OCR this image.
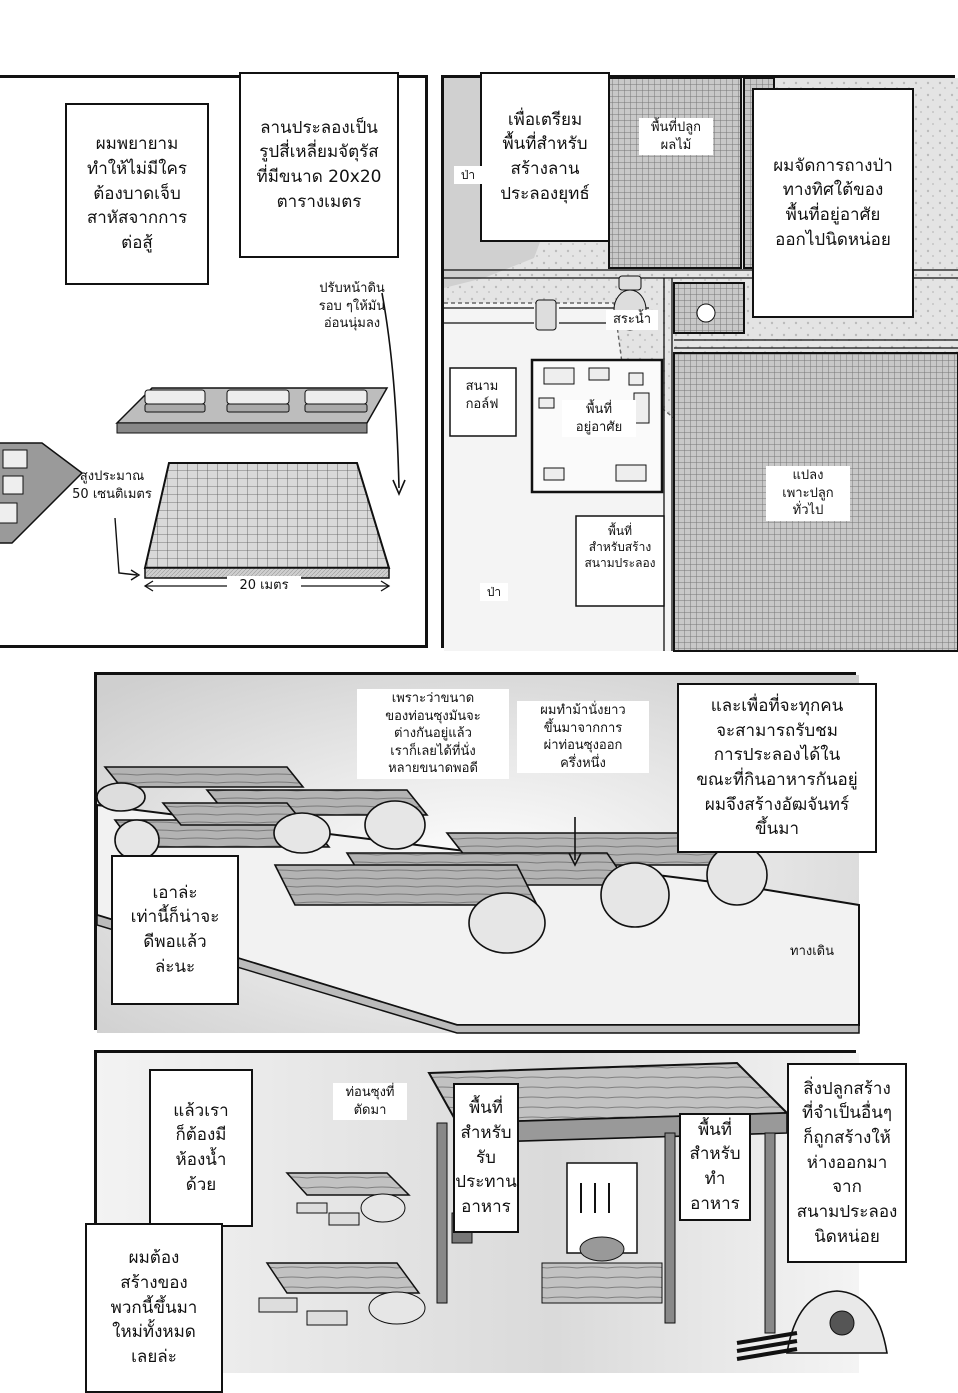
ผมพยายาม
ทำให้ไม่มีใคร
ต้องบาดเจ็บ
สาหัสจากการ
ต่อสู้
ลานประลองเป็น
รูปสี่เหลี่ยมจัตุรัส
ที่มีขนาด 20x20
ตารางเมตร
ปรับหน้าดิน
รอบ ๆให้มัน
อ่อนนุ่มลง
สูงประมาณ
50 เซนติเมตร
20 เมตร
เพื่อเตรียม
พื้นที่สำหรับ
สร้างลาน
ประลองยุทธ์
ผมจัดการถางป่า
ทางทิศใต้ของ
พื้นที่อยู่อาศัย
ออกไปนิดหน่อย
ป่า
พื้นที่ปลูก
ผลไม้
สระน้ำ
สนาม
กอล์ฟ	พื้นที่
อยู่อาศัย
แปลง
เพาะปลูก
ทั่วไป
พื้นที่
สำหรับสร้าง
สนามประลอง
ป่า
เพราะว่าขนาด
ของท่อนซุงมันจะ
ต่างกันอยู่แล้ว
เราก็เลยได้ที่นั่ง
หลายขนาดพอดี
ผมทำม้านั่งยาว
ขึ้นมาจากการ
ผ่าท่อนซุงออก
ครึ่งหนึ่ง
และเพื่อที่จะทุกคน
จะสามารถรับชม
การประลองได้ใน
ขณะที่กินอาหารกันอยู่
ผมจึงสร้างอัฒจันทร์
ขึ้นมา
เอาล่ะ
เท่านี้ก็น่าจะ
ดีพอแล้ว
ล่ะนะ
ทางเดิน
แล้วเรา
ก็ต้องมี
ห้องน้ำ
ด้วย
ท่อนซุงที่
ตัดมา	พื้นที่
สำหรับ
รับ
ประทาน
อาหาร
พื้นที่
สำหรับ
ทำ
อาหาร
สิ่งปลูกสร้าง
ที่จำเป็นอื่นๆ
ก็ถูกสร้างให้
ห่างออกมาจาก
สนามประลอง
นิดหน่อย
ผมต้อง
สร้างของ
พวกนี้ขึ้นมา
ใหม่ทั้งหมด
เลยล่ะ
